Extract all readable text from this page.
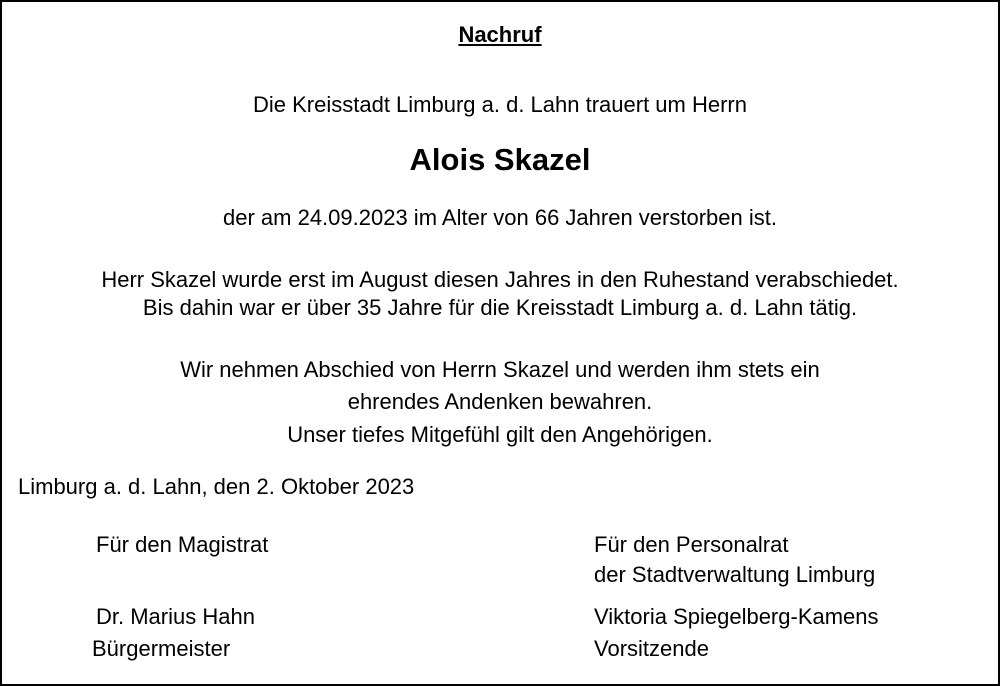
Nachruf
Die Kreisstadt Limburg a. d. Lahn trauert um Herrn
Alois Skazel
der am 24.09.2023 im Alter von 66 Jahren verstorben ist.
Herr Skazel wurde erst im August diesen Jahres in den Ruhestand verabschiedet.
Bis dahin war er über 35 Jahre für die Kreisstadt Limburg a. d. Lahn tätig.
Wir nehmen Abschied von Herrn Skazel und werden ihm stets ein
ehrendes Andenken bewahren.
Unser tiefes Mitgefühl gilt den Angehörigen.
Limburg a. d. Lahn, den 2. Oktober 2023
Für den Magistrat
Dr. Marius Hahn
Bürgermeister
Für den Personalrat
der Stadtverwaltung Limburg
Viktoria Spiegelberg-Kamens
Vorsitzende
